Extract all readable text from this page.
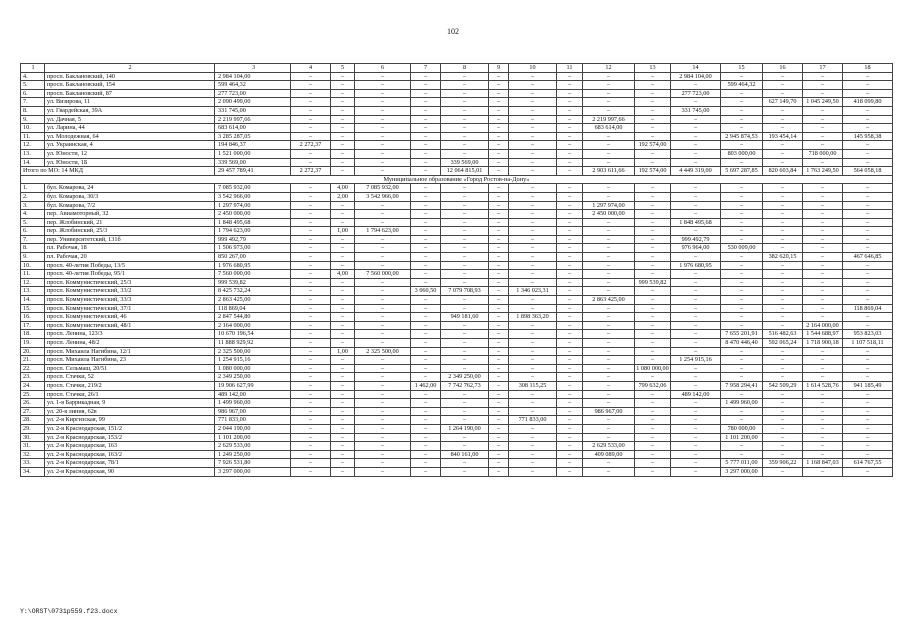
102
1	2	3	4	5	6	7	8	9	10	11	12	13	14	15	16	17	18
4.	просп. Баклановский, 140	2 984 104,00	–	–	–	–	–	–	–	–	–	–	2 984 104,00	–	–	–	–
5.	просп. Баклановский, 154	599 464,32	–	–	–	–	–	–	–	–	–	–	–	599 464,32	–	–	–
6.	просп. Баклановский, 87	277 723,00	–	–	–	–	–	–	–	–	–	–	277 723,00	–	–	–	–
7.	ул. Визирова, 11	2 090 499,00	–	–	–	–	–	–	–	–	–	–	–	–	627 149,70	1 045 249,50	418 099,80
8.	ул. Гвардейская, 39А	331 745,00	–	–	–	–	–	–	–	–	–	–	331 745,00	–	–	–	–
9.	ул. Дачная, 5	2 219 997,66	–	–	–	–	–	–	–	–	2 219 997,66	–	–	–	–	–	–
10.	ул. Ларина, 44	683 614,00	–	–	–	–	–	–	–	–	683 614,00	–	–	–	–	–	–
11.	ул. Молодежная, 64	3 285 287,05	–	–	–	–	–	–	–	–	–	–	–	2 945 874,53	193 454,14	–	145 958,38
12.	ул. Украинская, 4	194 846,37	2 272,37	–	–	–	–	–	–	–	–	192 574,00	–	–	–	–	–
13.	ул. Юности, 12	1 521 000,00	–	–	–	–	–	–	–	–	–	–	–	803 000,00	–	718 000,00	–
14.	ул. Юности, 1Б	339 569,00	–	–	–	–	339 569,00	–	–	–	–	–	–	–	–	–	–
Итого по МО: 14 МКД		29 457 789,41	2 272,37	–	–	–	12 064 815,01	–	–	–	2 903 611,66	192 574,00	4 449 319,00	5 697 287,85	820 603,84	1 763 249,50	564 058,18
Муниципальное образование «Город Ростов-на-Дону»																	
1.	бул. Комарова, 24	7 085 932,00	–	4,00	7 085 932,00	–	–	–	–	–	–	–	–	–	–	–	–
2.	бул. Комарова, 30/3	3 542 966,00	–	2,00	3 542 966,00	–	–	–	–	–	–	–	–	–	–	–	–
3.	бул. Комарова, 7/2	1 297 974,00	–	–	–	–	–	–	–	–	1 297 974,00	–	–	–	–	–	–
4.	пер. Авиамоторный, 32	2 450 000,00	–	–	–	–	–	–	–	–	2 450 000,00	–	–	–	–	–	–
5.	пер. Жлобинский, 21	1 848 495,68	–	–	–	–	–	–	–	–	–	–	1 848 495,68	–	–	–	–
6.	пер. Жлобинский, 25/3	1 794 623,00	–	1,00	1 794 623,00	–	–	–	–	–	–	–	–	–	–	–	–
7.	пер. Университетский, 131б	999 492,79	–	–	–	–	–	–	–	–	–	–	999 492,79	–	–	–	–
8.	пл. Рабочая, 18	1 506 973,00	–	–	–	–	–	–	–	–	–	–	976 964,00	530 009,00	–	–	–
9.	пл. Рабочая, 20	850 267,00	–	–	–	–	–	–	–	–	–	–	–	–	382 620,15	–	467 646,85
10.	просп. 40-летия Победы, 13/5	1 976 680,95	–	–	–	–	–	–	–	–	–	–	1 976 680,95	–	–	–	–
11.	просп. 40-летия Победы, 95/1	7 560 000,00	–	4,00	7 560 000,00	–	–	–	–	–	–	–	–	–	–	–	–
12.	просп. Коммунистический, 25/3	999 539,82	–	–	–	–	–	–	–	–	–	999 539,82	–	–	–	–	–
13.	просп. Коммунистический, 33/2	8 425 732,24	–	–	–	3 060,50	7 079 708,93	–	1 346 023,31	–	–	–	–	–	–	–	–
14.	просп. Коммунистический, 33/3	2 863 425,00	–	–	–	–	–	–	–	–	2 863 425,00	–	–	–	–	–	–
15.	просп. Коммунистический, 37/1	118 869,04	–	–	–	–	–	–	–	–	–	–	–	–	–	–	118 869,04
16.	просп. Коммунистический, 46	2 847 544,80	–	–	–	–	949 181,60	–	1 898 363,20	–	–	–	–	–	–	–	–
17.	просп. Коммунистический, 48/1	2 164 000,00	–	–	–	–	–	–	–	–	–	–	–	–	–	2 164 000,00	–
18.	просп. Ленина, 123/3	10 670 196,54	–	–	–	–	–	–	–	–	–	–	–	7 655 201,91	516 482,63	1 544 688,97	953 823,03
19.	просп. Ленина, 48/2	11 888 929,92	–	–	–	–	–	–	–	–	–	–	–	8 470 446,40	592 065,24	1 718 900,18	1 107 518,11
20.	просп. Михаила Нагибина, 12/1	2 325 500,00	–	1,00	2 325 500,00	–	–	–	–	–	–	–	–	–	–	–	–
21.	просп. Михаила Нагибина, 23	1 254 915,16	–	–	–	–	–	–	–	–	–	–	1 254 915,16	–	–	–	–
22.	просп. Сельмаш, 20/51	1 080 000,00	–	–	–	–	–	–	–	–	–	1 080 000,00	–	–	–	–	–
23.	просп. Стачки, 52	2 349 250,00	–	–	–	–	2 349 250,00	–	–	–	–	–	–	–	–	–	–
24.	просп. Стачки, 219/2	19 906 627,99	–	–	–	1 462,00	7 742 762,73	–	308 115,25	–	–	799 632,06	–	7 958 294,41	542 509,29	1 614 528,76	941 185,49
25.	просп. Стачки, 26/1	489 142,00	–	–	–	–	–	–	–	–	–	–	489 142,00	–	–	–	–
26.	ул. 1-я Баррикадная, 9	1 499 960,00	–	–	–	–	–	–	–	–	–	–	–	1 499 960,00	–	–	–
27.	ул. 20-я линия, 62в	986 967,00	–	–	–	–	–	–	–	–	986 967,00	–	–	–	–	–	–
28.	ул. 2-я Киргизская, 99	771 833,00	–	–	–	–	–	–	771 833,00	–	–	–	–	–	–	–	–
29.	ул. 2-я Краснодарская, 151/2	2 044 190,00	–	–	–	–	1 264 190,00	–	–	–	–	–	–	780 000,00	–	–	–
30.	ул. 2-я Краснодарская, 153/2	1 101 200,00	–	–	–	–	–	–	–	–	–	–	–	1 101 200,00	–	–	–
31.	ул. 2-я Краснодарская, 163	2 629 533,00	–	–	–	–	–	–	–	–	2 629 533,00	–	–	–	–	–	–
32.	ул. 2-я Краснодарская, 163/2	1 249 250,00	–	–	–	–	840 161,00	–	–	–	409 089,00	–	–	–	–	–	–
33.	ул. 2-я Краснодарская, 78/1	7 926 531,80	–	–	–	–	–	–	–	–	–	–	–	5 777 011,00	359 906,22	1 168 847,03	614 767,55
34.	ул. 2-я Краснодарская, 90	3 297 000,00	–	–	–	–	–	–	–	–	–	–	–	3 297 000,00	–	–	–
Y:\ORST\0731p559.f23.docx
